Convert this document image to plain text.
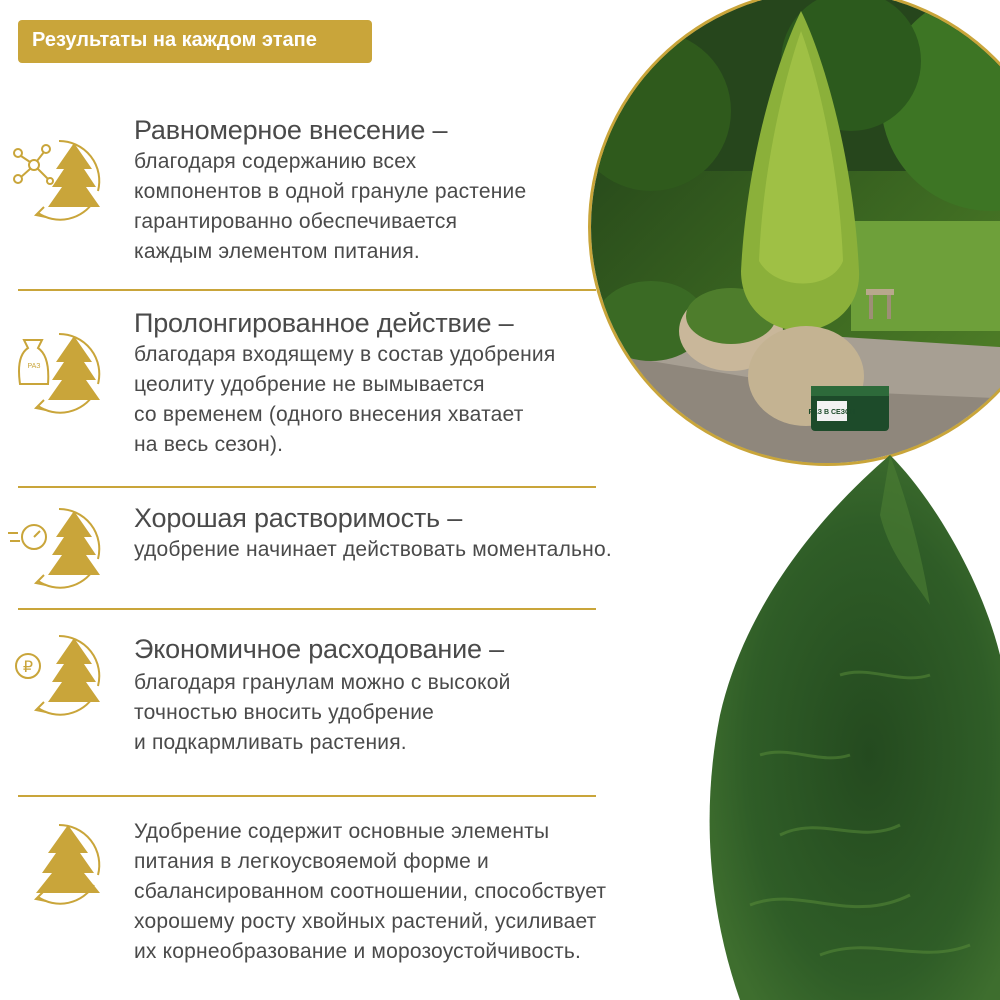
Результаты на каждом этапе
Равномерное внесение –
благодаря содержанию всех
компонентов в одной грануле растение
гарантированно обеспечивается
каждым элементом питания.
РАЗ
Пролонгированное действие –
благодаря входящему в состав удобрения
цеолиту удобрение не вымывается
со временем (одного внесения хватает
на весь сезон).
Хорошая растворимость –
удобрение начинает действовать моментально.
₽
Экономичное расходование –
благодаря гранулам можно с высокой
точностью вносить удобрение
и подкармливать растения.
Удобрение содержит основные элементы
питания в легкоусвояемой форме и
сбалансированном соотношении, способствует
хорошему росту хвойных растений, усиливает
их корнеобразование и морозоустойчивость.
РАЗ В СЕЗОН
